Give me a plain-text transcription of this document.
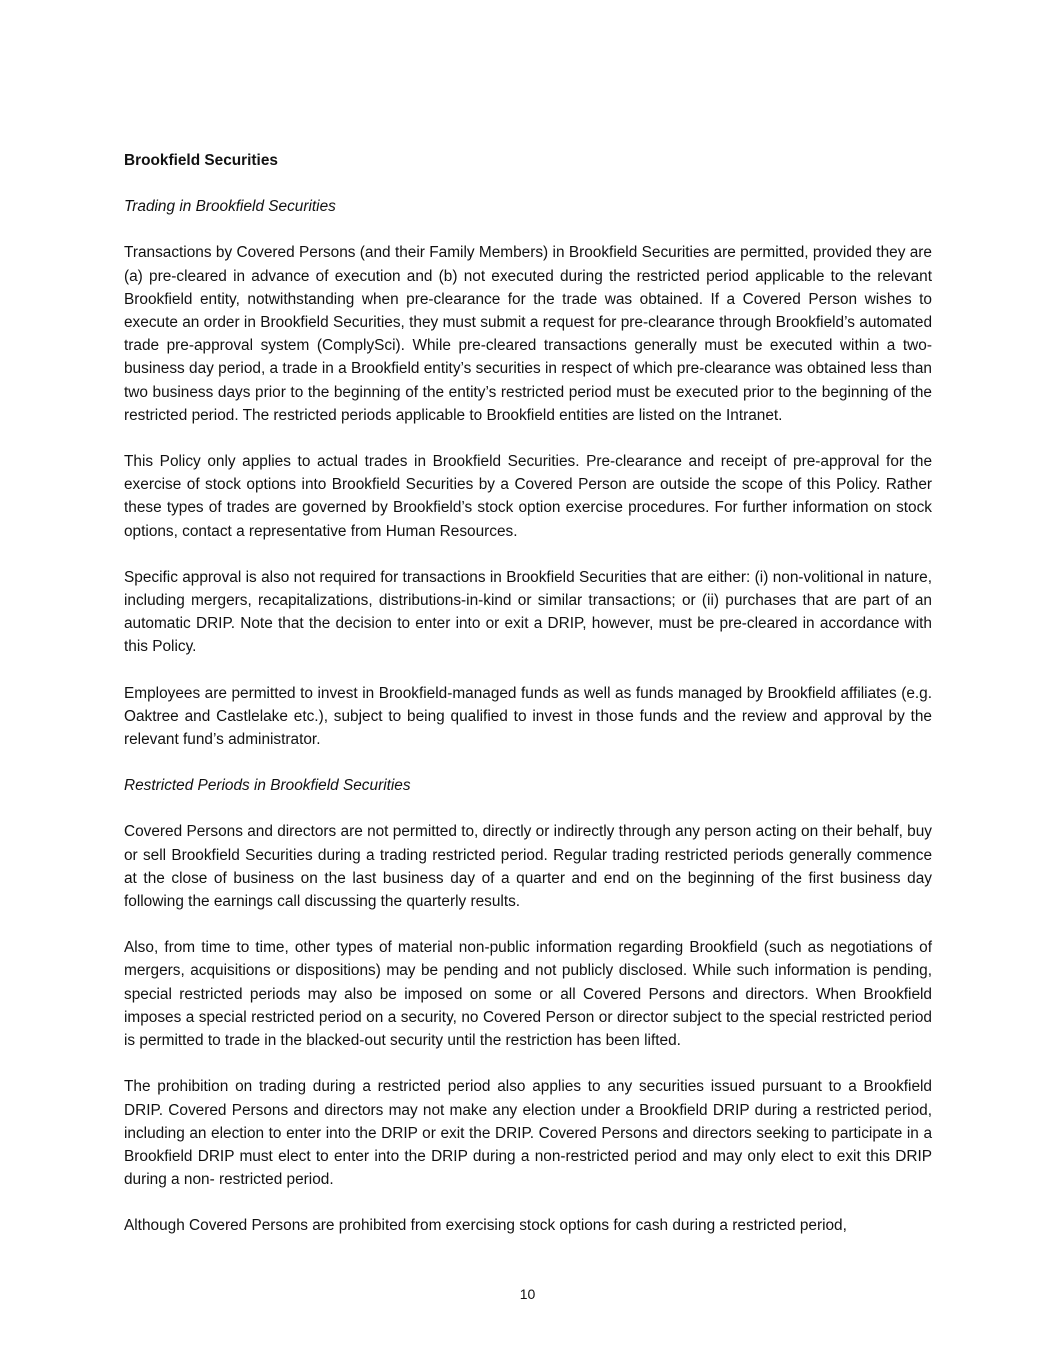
Brookfield Securities
Trading in Brookfield Securities

Transactions by Covered Persons (and their Family Members) in Brookfield Securities are permitted, provided they are (a) pre-cleared in advance of execution and (b) not executed during the restricted period applicable to the relevant Brookfield entity, notwithstanding when pre-clearance for the trade was obtained. If a Covered Person wishes to execute an order in Brookfield Securities, they must submit a request for pre-clearance through Brookfield’s automated trade pre-approval system (ComplySci). While pre-cleared transactions generally must be executed within a two-business day period, a trade in a Brookfield entity’s securities in respect of which pre-clearance was obtained less than two business days prior to the beginning of the entity’s restricted period must be executed prior to the beginning of the restricted period. The restricted periods applicable to Brookfield entities are listed on the Intranet.

This Policy only applies to actual trades in Brookfield Securities. Pre-clearance and receipt of pre-approval for the exercise of stock options into Brookfield Securities by a Covered Person are outside the scope of this Policy. Rather these types of trades are governed by Brookfield’s stock option exercise procedures. For further information on stock options, contact a representative from Human Resources.

Specific approval is also not required for transactions in Brookfield Securities that are either: (i) non-volitional in nature, including mergers, recapitalizations, distributions-in-kind or similar transactions; or (ii) purchases that are part of an automatic DRIP. Note that the decision to enter into or exit a DRIP, however, must be pre-cleared in accordance with this Policy.

Employees are permitted to invest in Brookfield-managed funds as well as funds managed by Brookfield affiliates (e.g. Oaktree and Castlelake etc.), subject to being qualified to invest in those funds and the review and approval by the relevant fund’s administrator.

Restricted Periods in Brookfield Securities

Covered Persons and directors are not permitted to, directly or indirectly through any person acting on their behalf, buy or sell Brookfield Securities during a trading restricted period. Regular trading restricted periods generally commence at the close of business on the last business day of a quarter and end on the beginning of the first business day following the earnings call discussing the quarterly results.

Also, from time to time, other types of material non-public information regarding Brookfield (such as negotiations of mergers, acquisitions or dispositions) may be pending and not publicly disclosed. While such information is pending, special restricted periods may also be imposed on some or all Covered Persons and directors. When Brookfield imposes a special restricted period on a security, no Covered Person or director subject to the special restricted period is permitted to trade in the blacked-out security until the restriction has been lifted.

The prohibition on trading during a restricted period also applies to any securities issued pursuant to a Brookfield DRIP. Covered Persons and directors may not make any election under a Brookfield DRIP during a restricted period, including an election to enter into the DRIP or exit the DRIP. Covered Persons and directors seeking to participate in a Brookfield DRIP must elect to enter into the DRIP during a non-restricted period and may only elect to exit this DRIP during a non- restricted period.

Although Covered Persons are prohibited from exercising stock options for cash during a restricted period,

10
